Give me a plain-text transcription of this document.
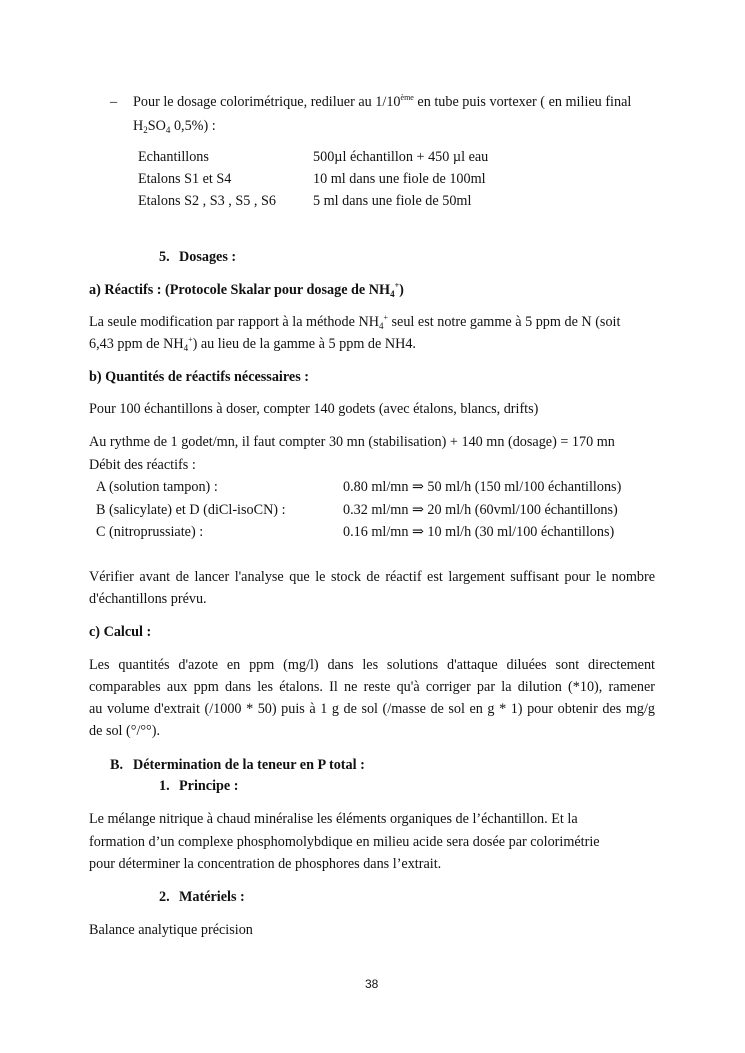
– Pour le dosage colorimétrique, rediluer au 1/10ème en tube puis vortexer ( en milieu final
$H_2SO_4$ 0,5%) :
Echantillons	500µl échantillon + 450 µl eau
Etalons S1 et S4	10 ml dans une fiole de 100ml
Etalons S2 , S3 , S5 , S6	5 ml dans une fiole de 50ml
5. Dosages :
a) Réactifs : (Protocole Skalar pour dosage de $NH_4^+$)
La seule modification par rapport à la méthode $NH_4^+$ seul est notre gamme à 5 ppm de N (soit
6,43 ppm de $NH_4^+$) au lieu de la gamme à 5 ppm de NH4.
b) Quantités de réactifs nécessaires :
Pour 100 échantillons à doser, compter 140 godets (avec étalons, blancs, drifts)
Au rythme de 1 godet/mn, il faut compter 30 mn (stabilisation) + 140 mn (dosage) = 170 mn
Débit des réactifs :
A (solution tampon) :	0.80 ml/mn ⇒ 50 ml/h (150 ml/100 échantillons)
B (salicylate) et D (diCl-isoCN) :	0.32 ml/mn ⇒ 20 ml/h (60vml/100 échantillons)
C (nitroprussiate) :	0.16 ml/mn ⇒ 10 ml/h (30 ml/100 échantillons)
Vérifier avant de lancer l'analyse que le stock de réactif est largement suffisant pour le nombre
d'échantillons prévu.
c) Calcul :
Les quantités d'azote en ppm (mg/l) dans les solutions d'attaque diluées sont directement
comparables aux ppm dans les étalons. Il ne reste qu'à corriger par la dilution (*10), ramener
au volume d'extrait (/1000 * 50) puis à 1 g de sol (/masse de sol en g * 1) pour obtenir des mg/g
de sol (°/°°).
B. Détermination de la teneur en P total :
1. Principe :
Le mélange nitrique à chaud minéralise les éléments organiques de l’échantillon. Et la
formation d’un complexe phosphomolybdique en milieu acide sera dosée par colorimétrie
pour déterminer la concentration de phosphores dans l’extrait.
2. Matériels :
Balance analytique précision
38
